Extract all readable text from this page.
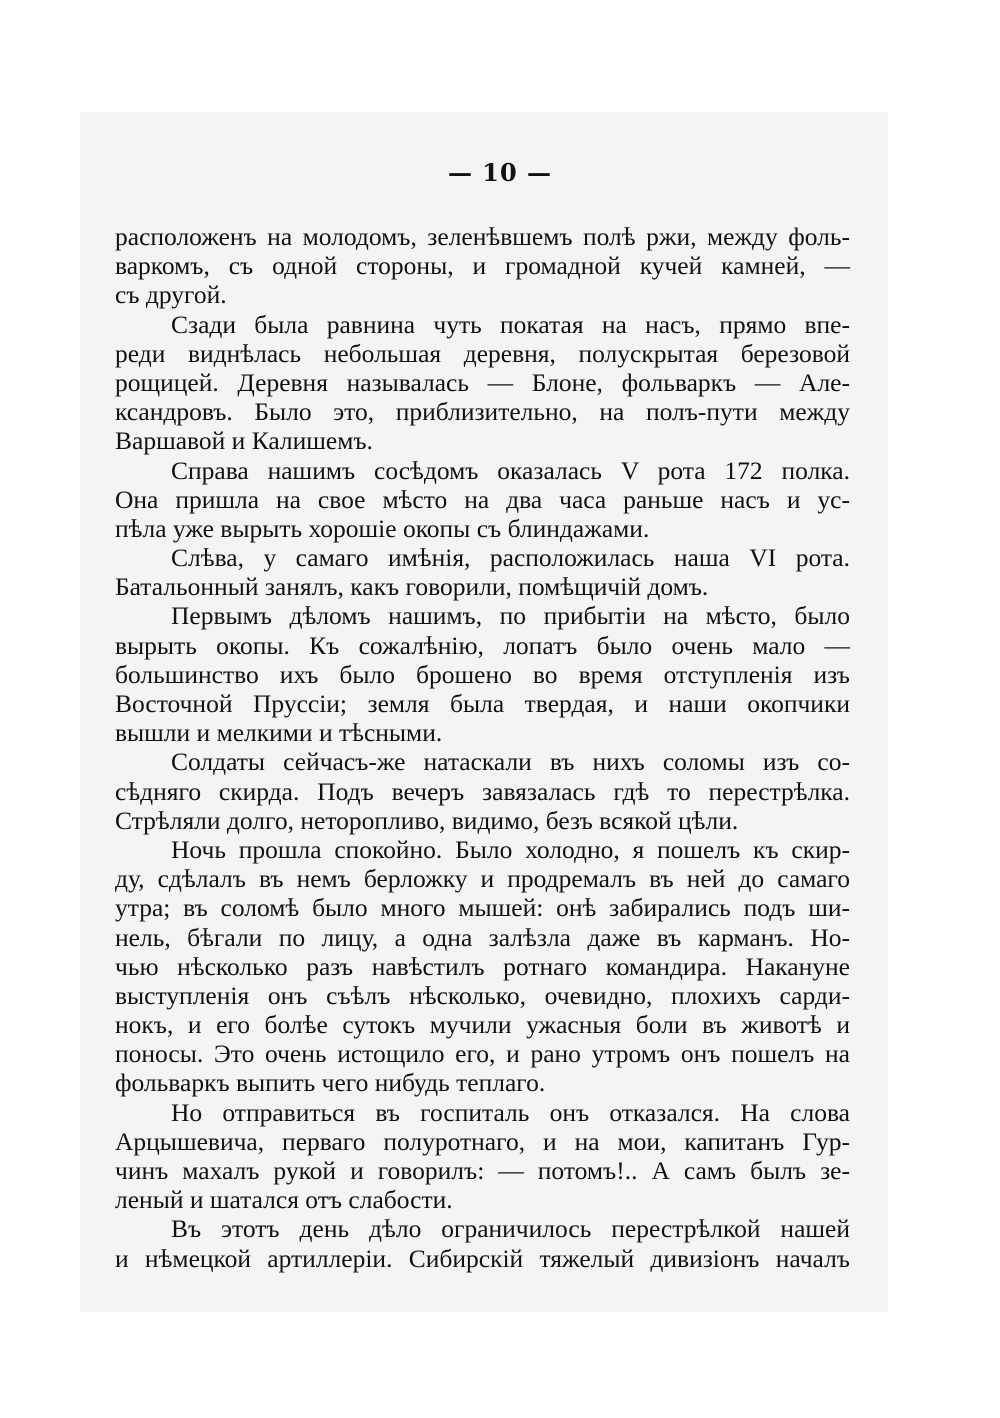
— 10 —
расположенъ на молодомъ, зеленѣвшемъ полѣ ржи, между фоль-
варкомъ, съ одной стороны, и громадной кучей камней, —
съ другой.
Сзади была равнина чуть покатая на насъ, прямо впе-
реди виднѣлась небольшая деревня, полускрытая березовой
рощицей. Деревня называлась — Блоне, фольваркъ — Але-
ксандровъ. Было это, приблизительно, на полъ-пути между
Варшавой и Калишемъ.
Справа нашимъ сосѣдомъ оказалась V рота 172 полка.
Она пришла на свое мѣсто на два часа раньше насъ и ус-
пѣла уже вырыть хорошіе окопы съ блиндажами.
Слѣва, у самаго имѣнія, расположилась наша VI рота.
Батальонный занялъ, какъ говорили, помѣщичій домъ.
Первымъ дѣломъ нашимъ, по прибытіи на мѣсто, было
вырыть окопы. Къ сожалѣнію, лопатъ было очень мало —
большинство ихъ было брошено во время отступленія изъ
Восточной Пруссіи; земля была твердая, и наши окопчики
вышли и мелкими и тѣсными.
Солдаты сейчасъ-же натаскали въ нихъ соломы изъ со-
сѣдняго скирда. Подъ вечеръ завязалась гдѣ то перестрѣлка.
Стрѣляли долго, неторопливо, видимо, безъ всякой цѣли.
Ночь прошла спокойно. Было холодно, я пошелъ къ скир-
ду, сдѣлалъ въ немъ берложку и продремалъ въ ней до самаго
утра; въ соломѣ было много мышей: онѣ забирались подъ ши-
нель, бѣгали по лицу, а одна залѣзла даже въ карманъ. Но-
чью нѣсколько разъ навѣстилъ ротнаго командира. Накануне
выступленія онъ съѣлъ нѣсколько, очевидно, плохихъ сарди-
нокъ, и его болѣе сутокъ мучили ужасныя боли въ животѣ и
поносы. Это очень истощило его, и рано утромъ онъ пошелъ на
фольваркъ выпить чего нибудь теплаго.
Но отправиться въ госпиталь онъ отказался. На слова
Арцышевича, перваго полуротнаго, и на мои, капитанъ Гур-
чинъ махалъ рукой и говорилъ: — потомъ!.. А самъ былъ зе-
леный и шатался отъ слабости.
Въ этотъ день дѣло ограничилось перестрѣлкой нашей
и нѣмецкой артиллеріи. Сибирскій тяжелый дивизіонъ началъ
